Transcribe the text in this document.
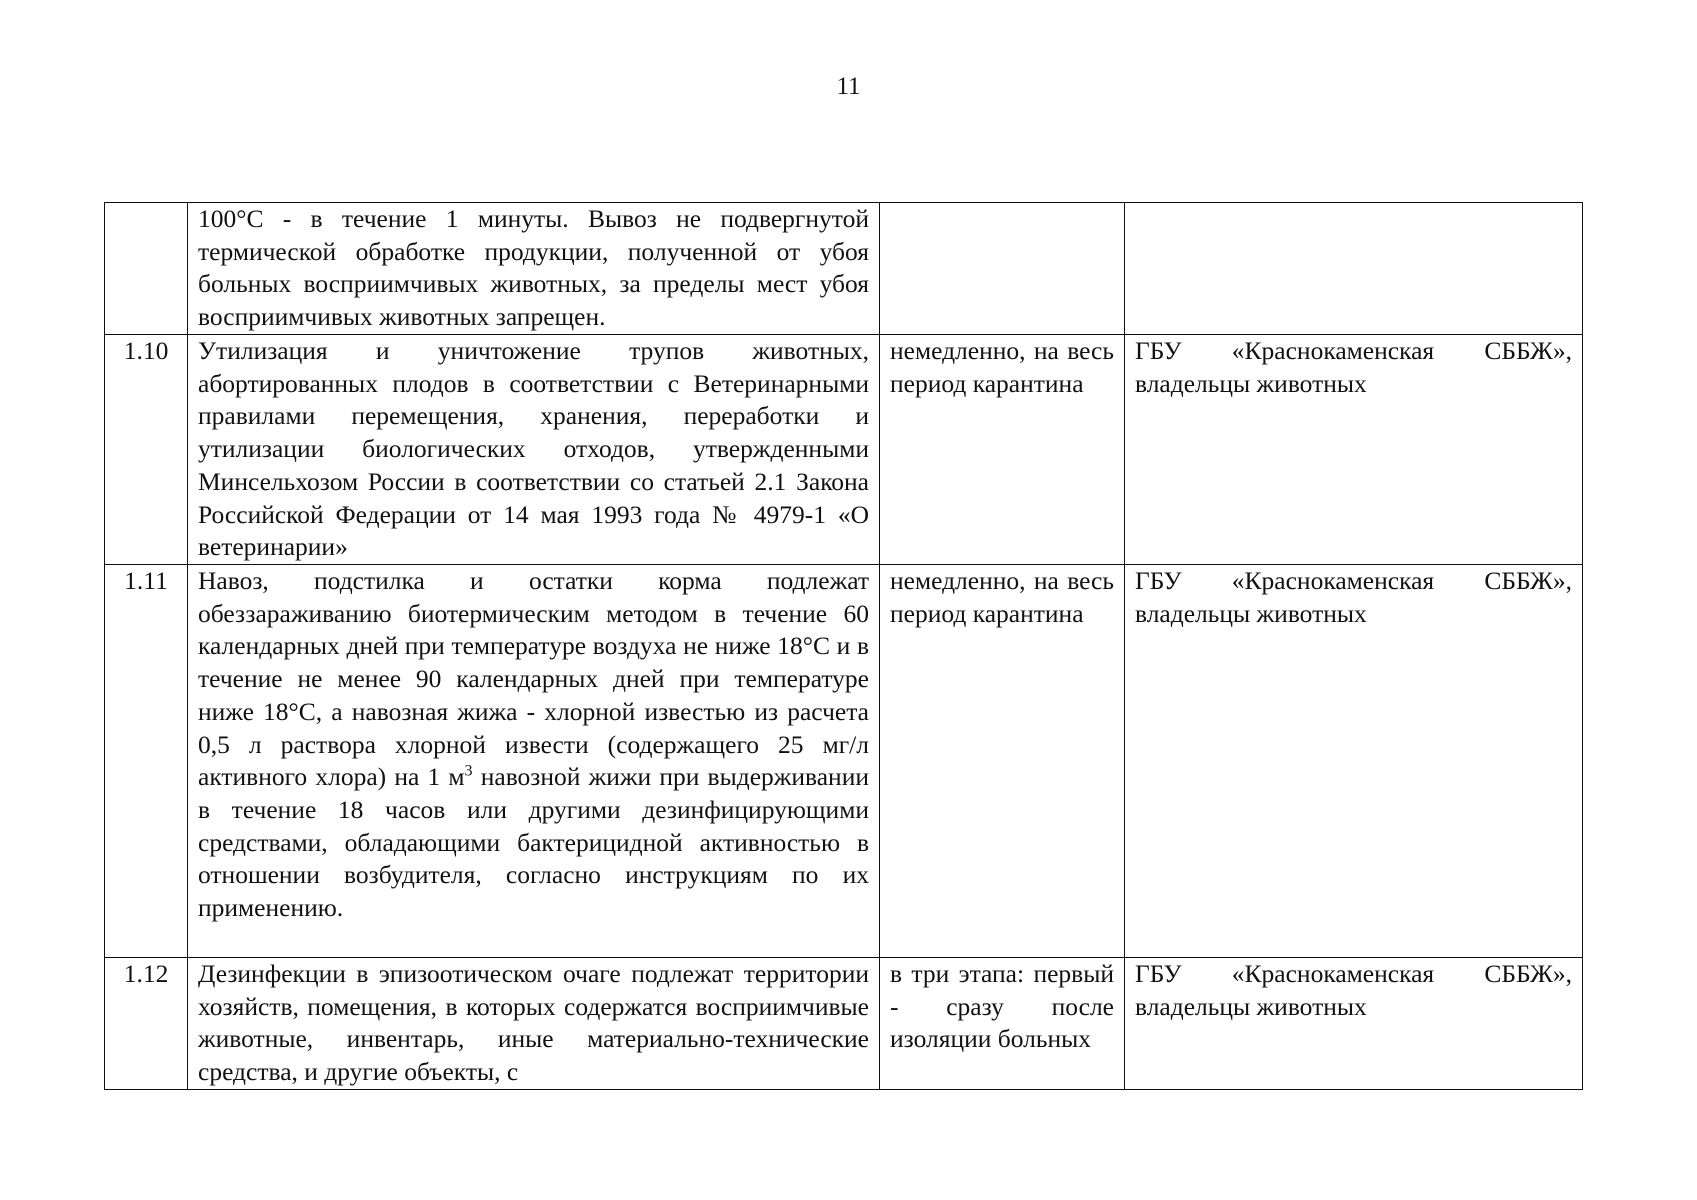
11
	100°С - в течение 1 минуты. Вывоз не подвергнутой термической обработке продукции, полученной от убоя больных восприимчивых животных, за пределы мест убоя восприимчивых животных запрещен.		
1.10	Утилизация и уничтожение трупов животных, абортированных плодов в соответствии с Ветеринарными правилами перемещения, хранения, переработки и утилизации биологических отходов, утвержденными Минсельхозом России в соответствии со статьей 2.1 Закона Российской Федерации от 14 мая 1993 года № 4979-1 «О ветеринарии»	немедленно, на весь период карантина	ГБУ «Краснокаменская СББЖ», владельцы животных
1.11	Навоз, подстилка и остатки корма подлежат обеззараживанию биотермическим методом в течение 60 календарных дней при температуре воздуха не ниже 18°С и в течение не менее 90 календарных дней при температуре ниже 18°С, а навозная жижа - хлорной известью из расчета 0,5 л раствора хлорной извести (содержащего 25 мг/л активного хлора) на 1 $м^3$ навозной жижи при выдерживании в течение 18 часов или другими дезинфицирующими средствами, обладающими бактерицидной активностью в отношении возбудителя, согласно инструкциям по их применению.	немедленно, на весь период карантина	ГБУ «Краснокаменская СББЖ», владельцы животных
1.12	Дезинфекции в эпизоотическом очаге подлежат территории хозяйств, помещения, в которых содержатся восприимчивые животные, инвентарь, иные материально-технические средства, и другие объекты, с	в три этапа: первый - сразу после изоляции больных	ГБУ «Краснокаменская СББЖ», владельцы животных
